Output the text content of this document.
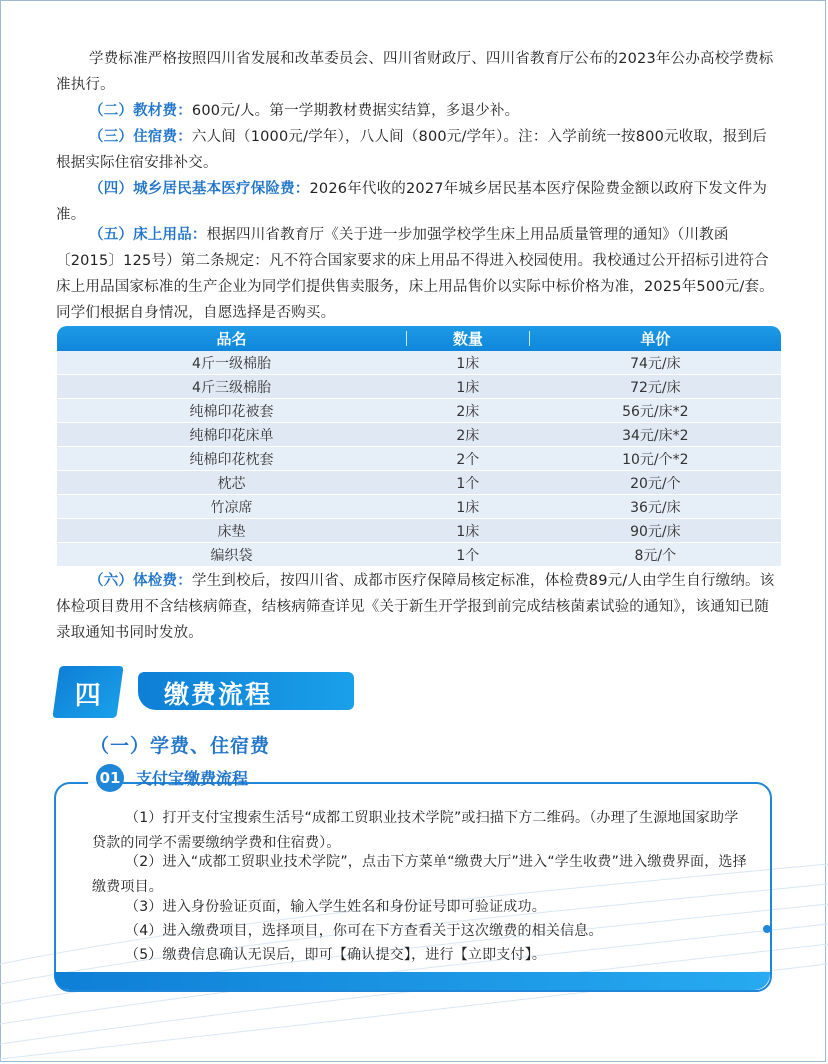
学费标准严格按照四川省发展和改革委员会、四川省财政厅、四川省教育厅公布的2023年公办高校学费标准执行。

（二）教材费：600元/人。第一学期教材费据实结算，多退少补。

（三）住宿费：六人间（1000元/学年），八人间（800元/学年）。注：入学前统一按800元收取，报到后根据实际住宿安排补交。

（四）城乡居民基本医疗保险费：2026年代收的2027年城乡居民基本医疗保险费金额以政府下发文件为准。

（五）床上用品：根据四川省教育厅《关于进一步加强学校学生床上用品质量管理的通知》（川教函〔2015〕125号）第二条规定：凡不符合国家要求的床上用品不得进入校园使用。我校通过公开招标引进符合床上用品国家标准的生产企业为同学们提供售卖服务，床上用品售价以实际中标价格为准，2025年500元/套。同学们根据自身情况，自愿选择是否购买。

品名	数量	单价
4斤一级棉胎	1床	74元/床
4斤三级棉胎	1床	72元/床
纯棉印花被套	2床	56元/床*2
纯棉印花床单	2床	34元/床*2
纯棉印花枕套	2个	10元/个*2
枕芯	1个	20元/个
竹凉席	1床	36元/床
床垫	1床	90元/床
编织袋	1个	8元/个

（六）体检费：学生到校后，按四川省、成都市医疗保障局核定标准，体检费89元/人由学生自行缴纳。该体检项目费用不含结核病筛查，结核病筛查详见《关于新生开学报到前完成结核菌素试验的通知》，该通知已随录取通知书同时发放。

四	缴费流程
（一）学费、住宿费
01 支付宝缴费流程

（1）打开支付宝搜索生活号“成都工贸职业技术学院”或扫描下方二维码。（办理了生源地国家助学贷款的同学不需要缴纳学费和住宿费）。

（2）进入“成都工贸职业技术学院”，点击下方菜单“缴费大厅”进入“学生收费”进入缴费界面，选择缴费项目。

（3）进入身份验证页面，输入学生姓名和身份证号即可验证成功。

（4）进入缴费项目，选择项目，你可在下方查看关于这次缴费的相关信息。

（5）缴费信息确认无误后，即可【确认提交】，进行【立即支付】。
